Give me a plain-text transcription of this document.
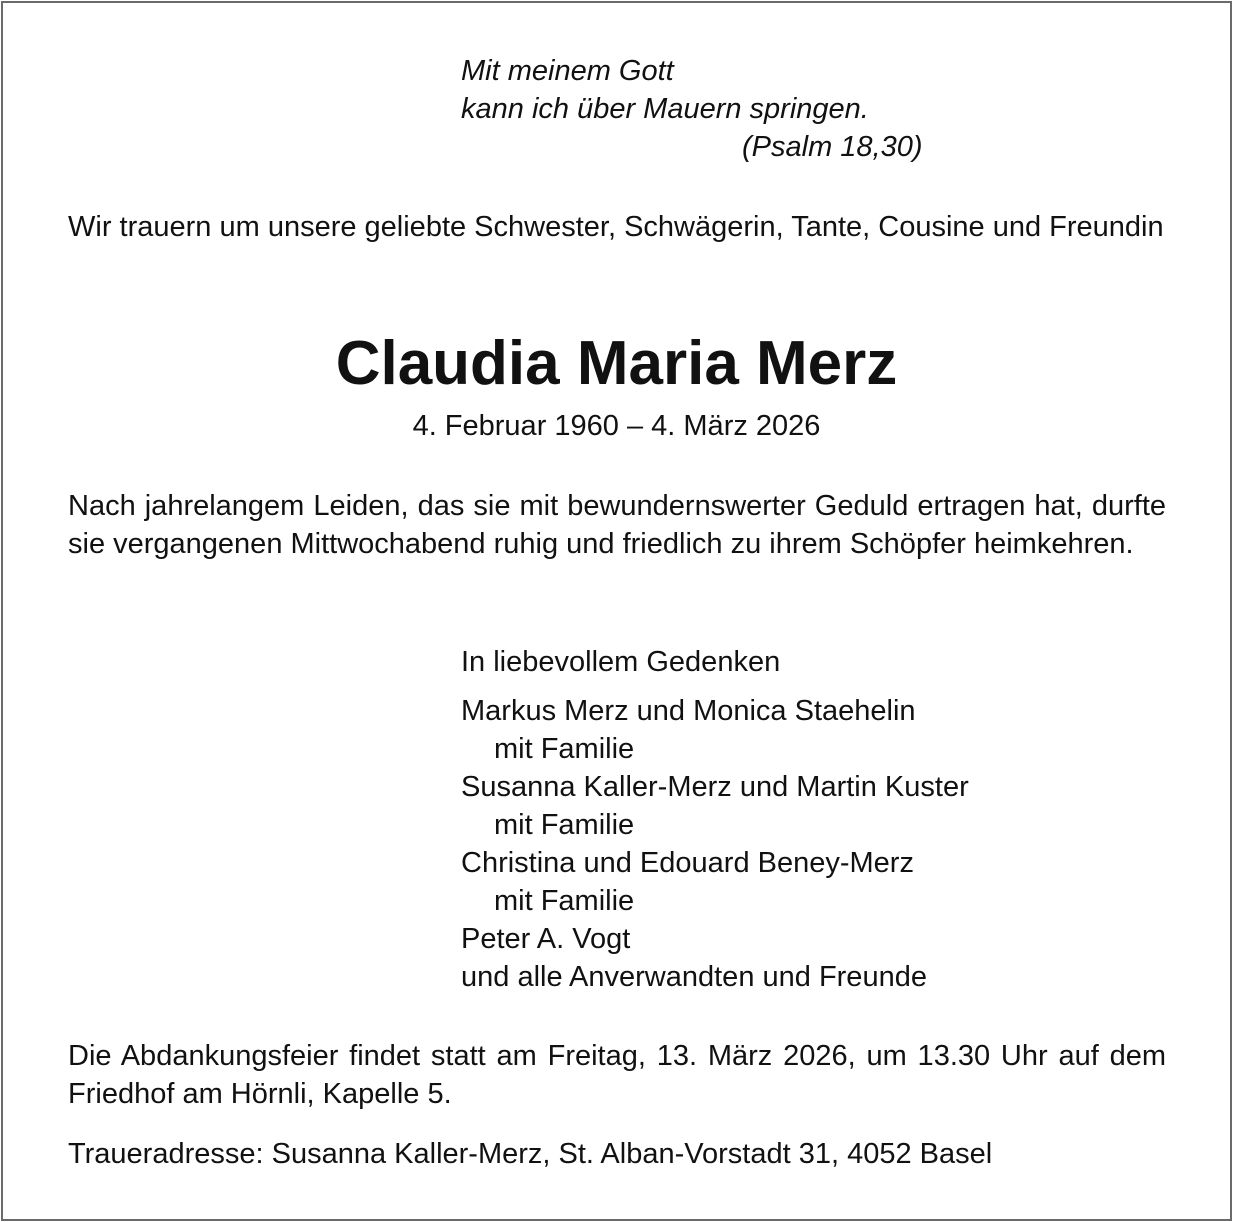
Mit meinem Gott

kann ich über Mauern springen.

(Psalm 18,30)

Wir trauern um unsere geliebte Schwester, Schwägerin, Tante, Cousine und Freundin

Claudia Maria Merz

4. Februar 1960 – 4. März 2026

Nach jahrelangem Leiden, das sie mit bewundernswerter Geduld ertragen hat, durfte sie vergangenen Mittwochabend ruhig und friedlich zu ihrem Schöpfer heimkehren.

In liebevollem Gedenken

Markus Merz und Monica Staehelin
mit Familie
Susanna Kaller-Merz und Martin Kuster
mit Familie
Christina und Edouard Beney-Merz
mit Familie
Peter A. Vogt
und alle Anverwandten und Freunde

Die Abdankungsfeier findet statt am Freitag, 13. März 2026, um 13.30 Uhr auf dem Friedhof am Hörnli, Kapelle 5.

Traueradresse: Susanna Kaller-Merz, St. Alban-Vorstadt 31, 4052 Basel
